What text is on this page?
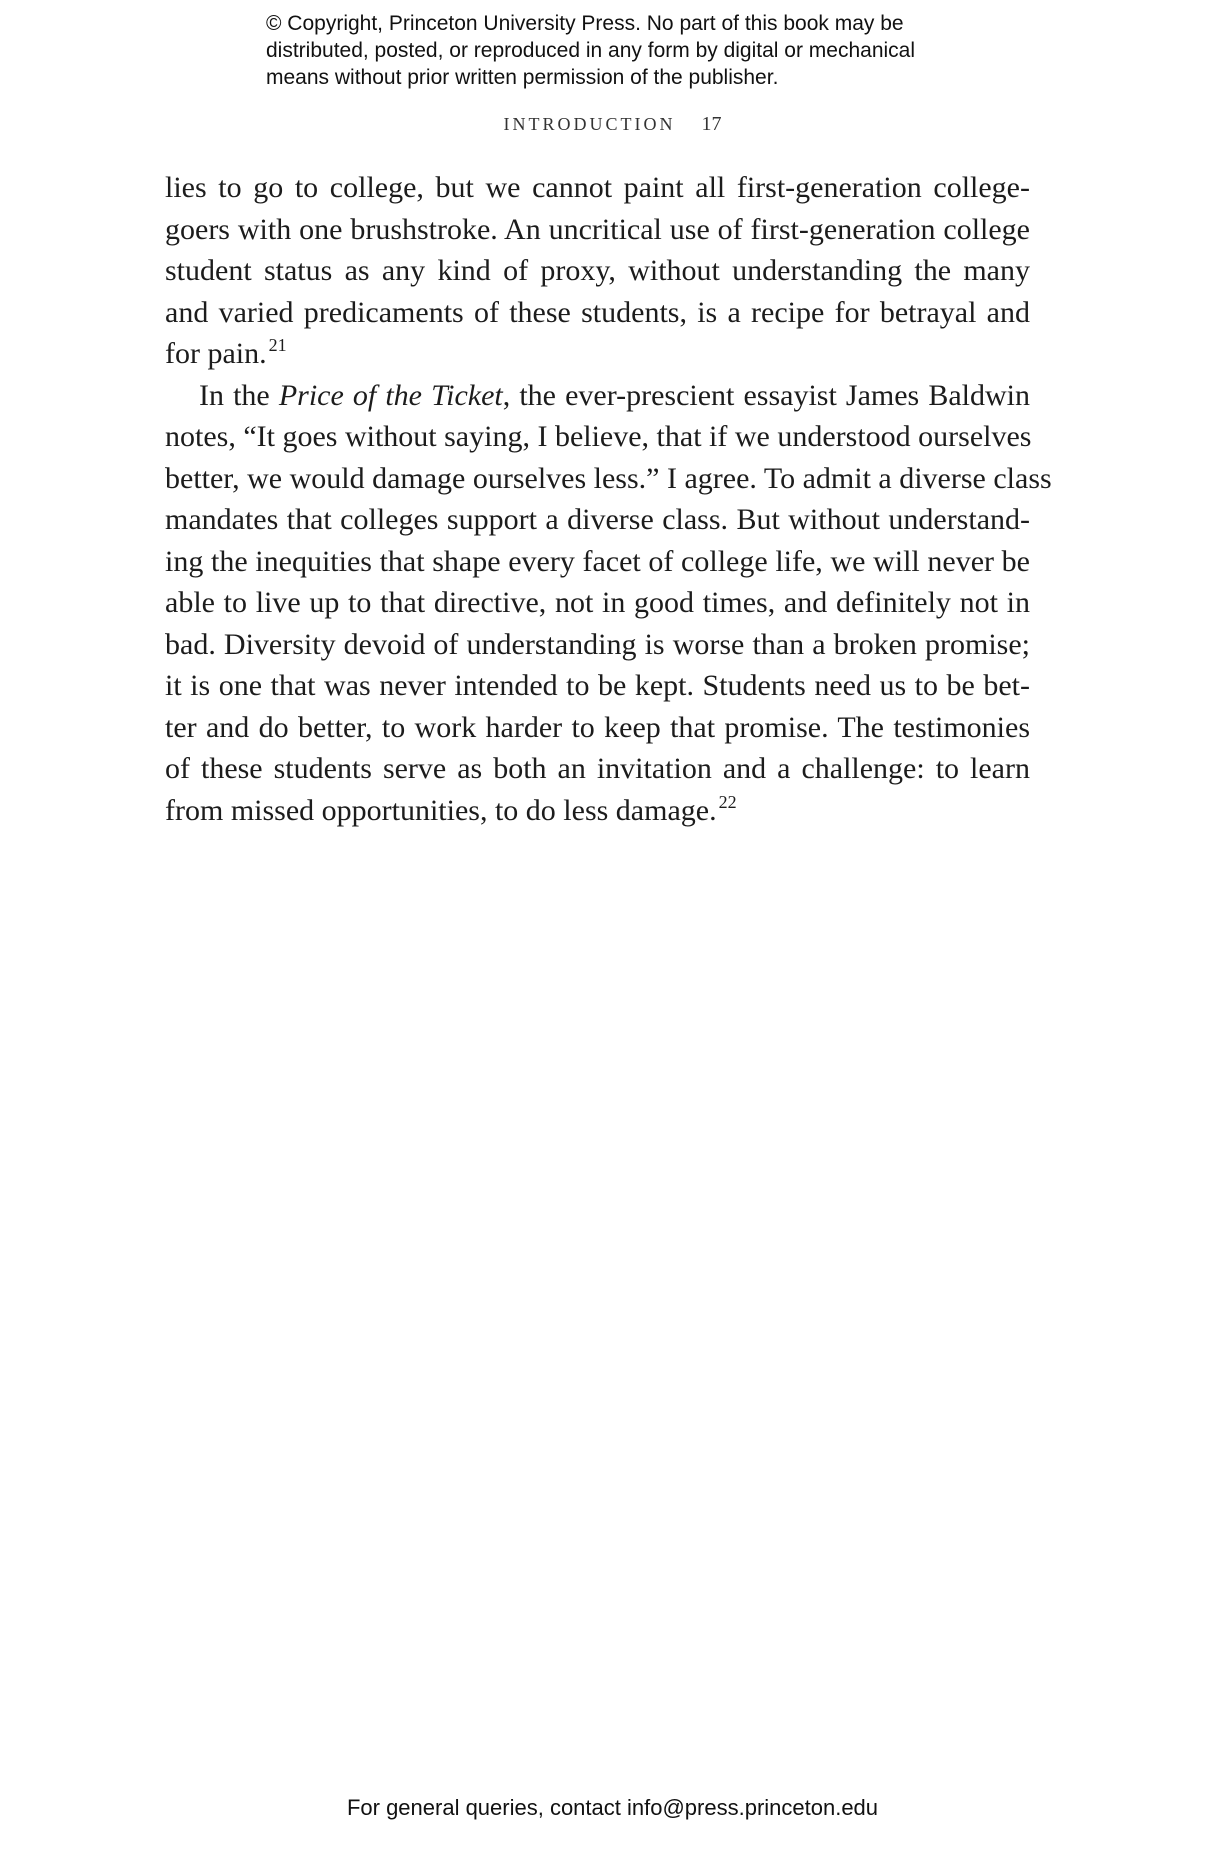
© Copyright, Princeton University Press. No part of this book may be
distributed, posted, or reproduced in any form by digital or mechanical
means without prior written permission of the publisher.
INTRODUCTION 17
lies to go to college, but we cannot paint all first-generation college-
goers with one brushstroke. An uncritical use of first-generation college
student status as any kind of proxy, without understanding the many
and varied predicaments of these students, is a recipe for betrayal and
for pain. $^{21}$
In the Price of the Ticket, the ever-prescient essayist James Baldwin
notes, “It goes without saying, I believe, that if we understood ourselves
better, we would damage ourselves less.” I agree. To admit a diverse class
mandates that colleges support a diverse class. But without understand-
ing the inequities that shape every facet of college life, we will never be
able to live up to that directive, not in good times, and definitely not in
bad. Diversity devoid of understanding is worse than a broken promise;
it is one that was never intended to be kept. Students need us to be bet-
ter and do better, to work harder to keep that promise. The testimonies
of these students serve as both an invitation and a challenge: to learn
from missed opportunities, to do less damage. $^{22}$
For general queries, contact info@press.princeton.edu
